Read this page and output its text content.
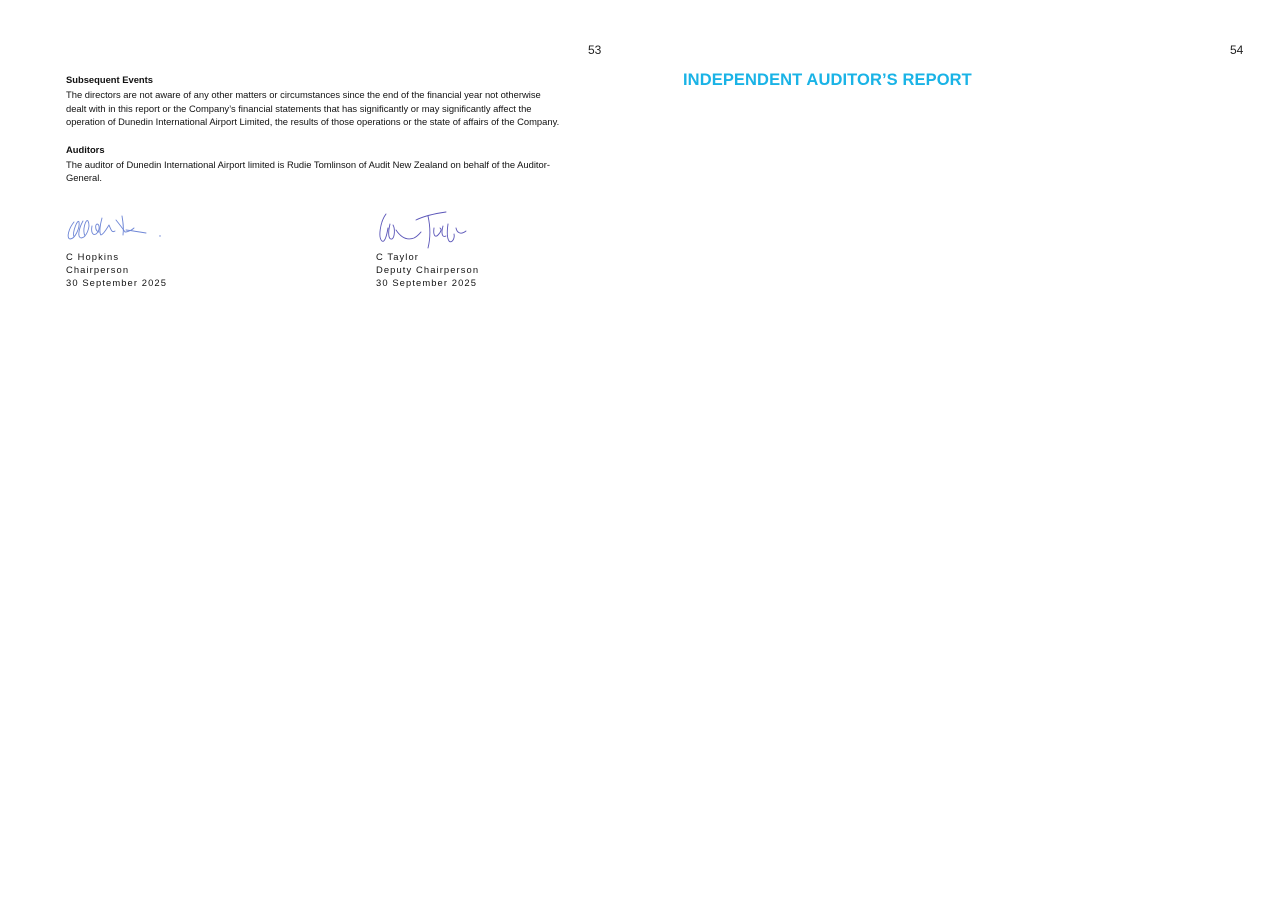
53

Subsequent Events

The directors are not aware of any other matters or circumstances since the end of the financial year not otherwise dealt with in this report or the Company’s financial statements that has significantly or may significantly affect the operation of Dunedin International Airport Limited, the results of those operations or the state of affairs of the Company.

Auditors

The auditor of Dunedin International Airport limited is Rudie Tomlinson of Audit New Zealand on behalf of the Auditor-General.

C Hopkins
Chairperson
30 September 2025
C Taylor
Deputy Chairperson
30 September 2025
54
INDEPENDENT AUDITOR’S REPORT
